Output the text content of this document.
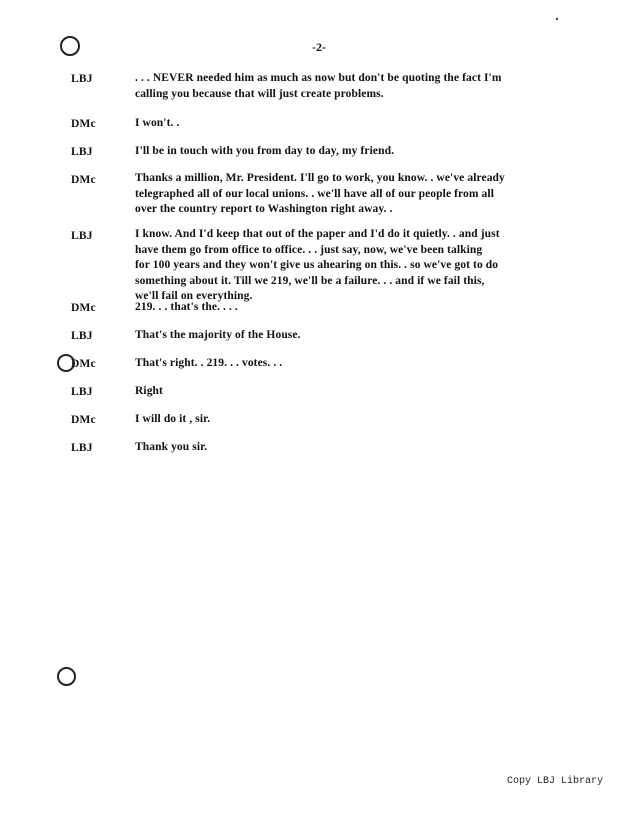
-2-
LBJ	. . . NEVER needed him as much as now but don't be quoting the fact I'm
calling you because that will just create problems.
DMc	I won't. .
LBJ	I'll be in touch with you from day to day, my friend.
DMc	Thanks a million, Mr. President. I'll go to work, you know. . we've already
telegraphed all of our local unions. . we'll have all of our people from all
over the country report to Washington right away. .
LBJ	I know. And I'd keep that out of the paper and I'd do it quietly. . and just
have them go from office to office. . . just say, now, we've been talking
for 100 years and they won't give us ahearing on this. . so we've got to do
something about it. Till we 219, we'll be a failure. . . and if we fail this,
we'll fail on everything.
DMc	219. . . that's the. . . .
LBJ	That's the majority of the House.
DMc	That's right. . 219. . . votes. . .
LBJ	Right
DMc	I will do it , sir.
LBJ	Thank you sir.
Copy LBJ Library
